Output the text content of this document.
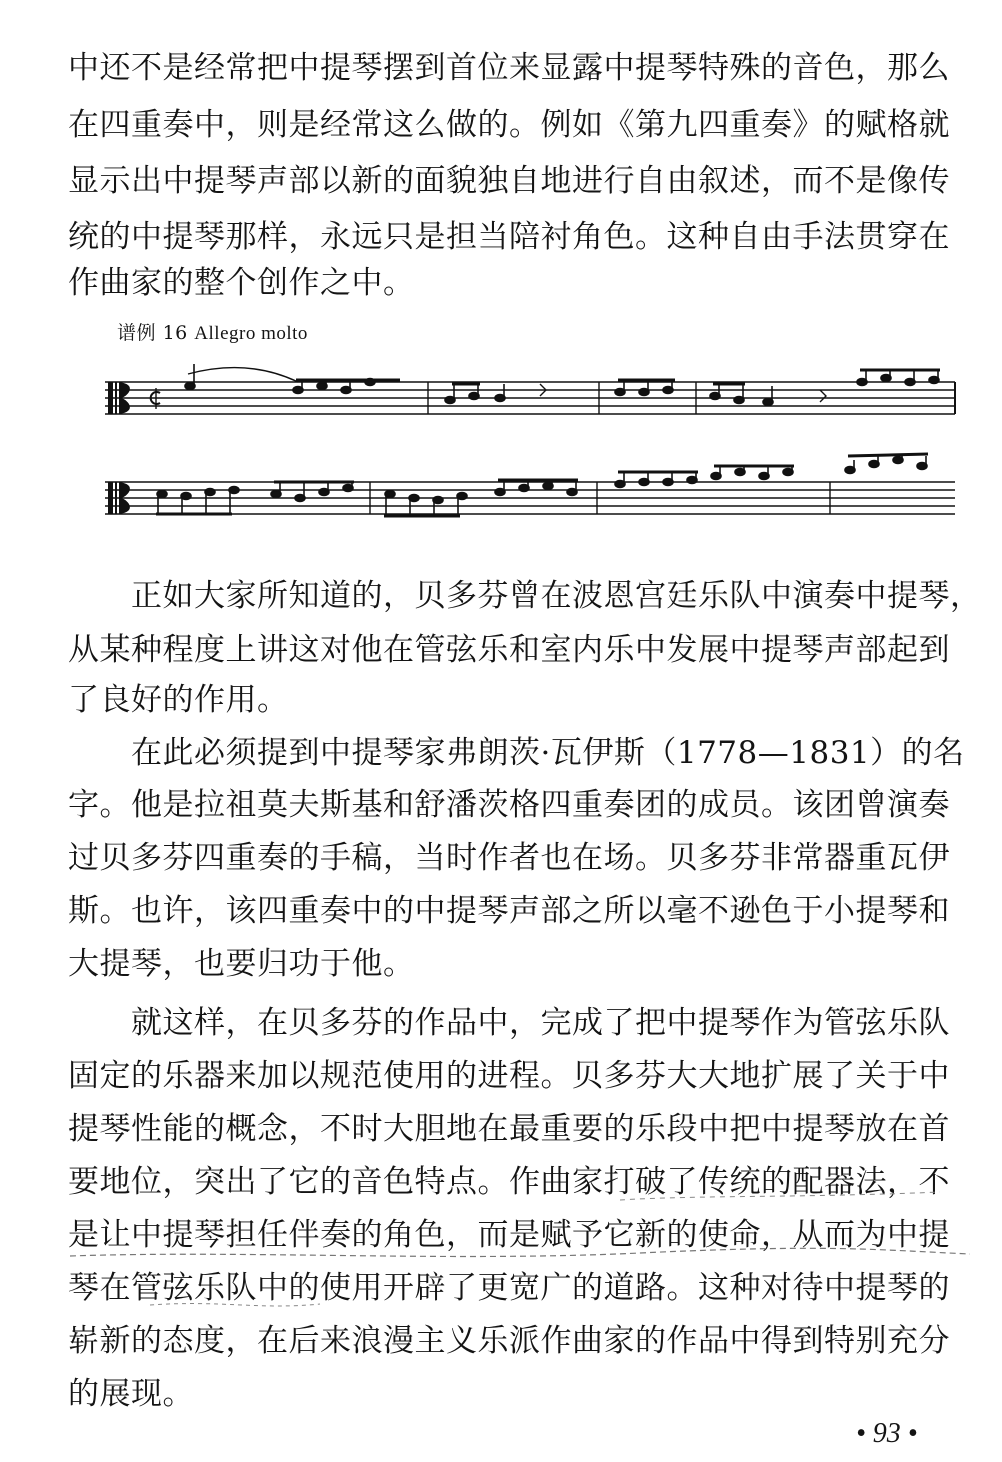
中还不是经常把中提琴摆到首位来显露中提琴特殊的音色，那么
在四重奏中，则是经常这么做的。例如《第九四重奏》的赋格就
显示出中提琴声部以新的面貌独自地进行自由叙述，而不是像传
统的中提琴那样，永远只是担当陪衬角色。这种自由手法贯穿在
作曲家的整个创作之中。
谱例 16 Allegro molto
正如大家所知道的，贝多芬曾在波恩宫廷乐队中演奏中提琴，
从某种程度上讲这对他在管弦乐和室内乐中发展中提琴声部起到
了良好的作用。
在此必须提到中提琴家弗朗茨·瓦伊斯（1778—1831）的名
字。他是拉祖莫夫斯基和舒潘茨格四重奏团的成员。该团曾演奏
过贝多芬四重奏的手稿，当时作者也在场。贝多芬非常器重瓦伊
斯。也许，该四重奏中的中提琴声部之所以毫不逊色于小提琴和
大提琴，也要归功于他。
就这样，在贝多芬的作品中，完成了把中提琴作为管弦乐队
固定的乐器来加以规范使用的进程。贝多芬大大地扩展了关于中
提琴性能的概念，不时大胆地在最重要的乐段中把中提琴放在首
要地位，突出了它的音色特点。作曲家打破了传统的配器法，不
是让中提琴担任伴奏的角色，而是赋予它新的使命，从而为中提
琴在管弦乐队中的使用开辟了更宽广的道路。这种对待中提琴的
崭新的态度，在后来浪漫主义乐派作曲家的作品中得到特别充分
的展现。
• 93 •
